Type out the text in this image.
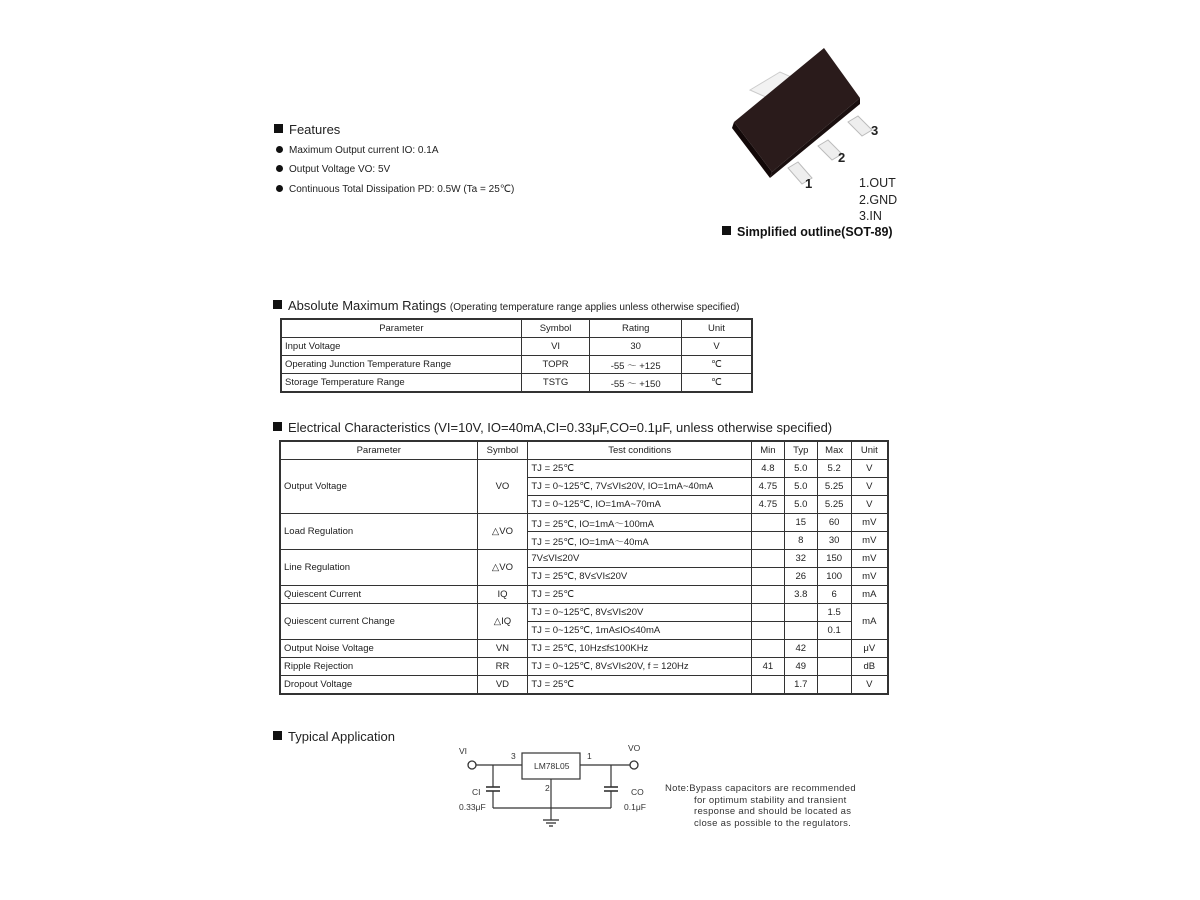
Features
Maximum Output current IO: 0.1A
Output Voltage VO: 5V
Continuous Total Dissipation PD: 0.5W (Ta = 25℃)	1
2
3
1.OUT
2.GND
3.IN
Simplified outline(SOT-89)
Absolute Maximum Ratings (Operating temperature range applies unless otherwise specified)
Parameter	Symbol	Rating	Unit
Input Voltage	VI	30	V
Operating Junction Temperature Range	TOPR	-55 ～ +125	℃
Storage Temperature Range	TSTG	-55 ～ +150	℃
Electrical Characteristics (VI=10V, IO=40mA,CI=0.33μF,CO=0.1μF, unless otherwise specified)
Parameter	Symbol	Test conditions	Min	Typ	Max	Unit
Output Voltage	VO	TJ = 25℃	4.8	5.0	5.2	V
		TJ = 0~125℃, 7V≤VI≤20V, IO=1mA~40mA	4.75	5.0	5.25	V
		TJ = 0~125℃, IO=1mA~70mA	4.75	5.0	5.25	V
Load Regulation	△VO	TJ = 25℃, IO=1mA～100mA		15	60	mV
		TJ = 25℃, IO=1mA～40mA		8	30	mV
Line Regulation	△VO	7V≤VI≤20V		32	150	mV
		TJ = 25℃, 8V≤VI≤20V		26	100	mV
Quiescent Current	IQ	TJ = 25℃		3.8	6	mA
Quiescent current Change	△IQ	TJ = 0~125℃, 8V≤VI≤20V			1.5	mA
		TJ = 0~125℃, 1mA≤IO≤40mA			0.1	
Output Noise Voltage	VN	TJ = 25℃, 10Hz≤f≤100KHz		42		μV
Ripple Rejection	RR	TJ = 0~125℃, 8V≤VI≤20V, f = 120Hz	41	49		dB
Dropout Voltage	VD	TJ = 25℃		1.7		V
Typical Application
VI	VO
3	1
2
LM78L05
CI
0.33μF
CO
0.1μF
Note:Bypass capacitors are recommended
for optimum stability and transient
response and should be located as
close as possible to the regulators.
